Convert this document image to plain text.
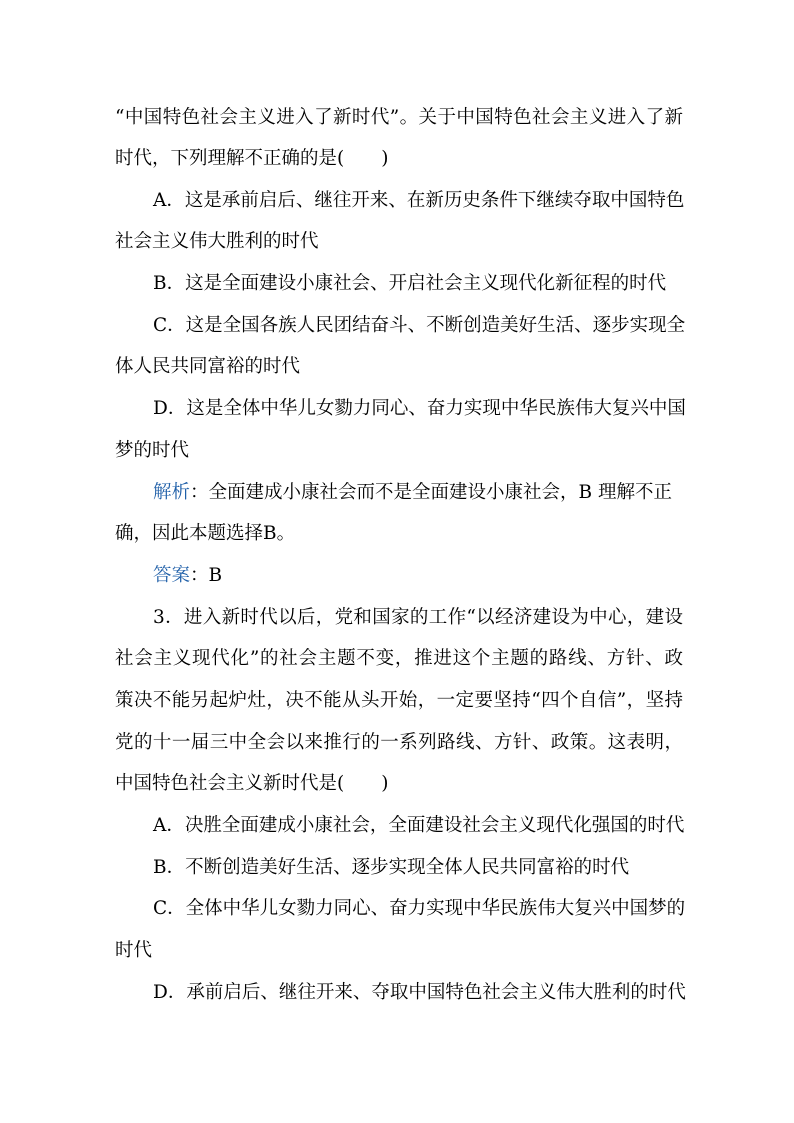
“中国特色社会主义进入了新时代”。关于中国特色社会主义进入了新
时代，下列理解不正确的是(　　)
A．这是承前启后、继往开来、在新历史条件下继续夺取中国特色
社会主义伟大胜利的时代
B．这是全面建设小康社会、开启社会主义现代化新征程的时代
C．这是全国各族人民团结奋斗、不断创造美好生活、逐步实现全
体人民共同富裕的时代
D．这是全体中华儿女勠力同心、奋力实现中华民族伟大复兴中国
梦的时代
解析：全面建成小康社会而不是全面建设小康社会，B 理解不正
确，因此本题选择B。
答案：B
3．进入新时代以后，党和国家的工作“以经济建设为中心，建设
社会主义现代化”的社会主题不变，推进这个主题的路线、方针、政
策决不能另起炉灶，决不能从头开始，一定要坚持“四个自信”，坚持
党的十一届三中全会以来推行的一系列路线、方针、政策。这表明，
中国特色社会主义新时代是(　　)
A．决胜全面建成小康社会，全面建设社会主义现代化强国的时代
B．不断创造美好生活、逐步实现全体人民共同富裕的时代
C．全体中华儿女勠力同心、奋力实现中华民族伟大复兴中国梦的
时代
D．承前启后、继往开来、夺取中国特色社会主义伟大胜利的时代
